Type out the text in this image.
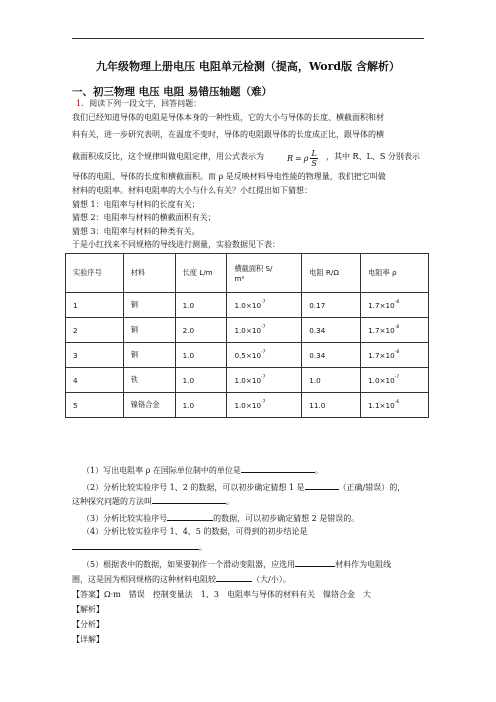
九年级物理上册电压 电阻单元检测（提高，Word版 含解析）
一、初三物理 电压 电阻 易错压轴题（难）
1．阅读下列一段文字，回答问题：
我们已经知道导体的电阻是导体本身的一种性质，它的大小与导体的长度、横截面积和材
料有关，进一步研究表明，在温度不变时，导体的电阻跟导体的长度成正比，跟导体的横
截面积成反比，这个规律叫做电阻定律，用公式表示为	R = ρ $\frac{L}{S}$ ，其中 R、L、S 分别表示
导体的电阻、导体的长度和横截面积。而 ρ 是反映材料导电性能的物理量，我们把它叫做
材料的电阻率。材料电阻率的大小与什么有关？小红提出如下猜想：
猜想 1：电阻率与材料的长度有关；
猜想 2：电阻率与材料的横截面积有关；
猜想 3：电阻率与材料的种类有关。
于是小红找来不同规格的导线进行测量，实验数据见下表：
实验序号	材料	长度 L/m	横截面积 S/
m²	电阻 R/Ω	电阻率 ρ
1	铜	1.0	$1.0\times 10^{-7}$	0.17	$1.7\times 10^{-8}$
2	铜	2.0	$1.0\times 10^{-7}$	0.34	$1.7\times 10^{-8}$
3	铜	1.0	$0.5\times 10^{-7}$	0.34	$1.7\times 10^{-8}$
4	铁	1.0	$1.0\times 10^{-7}$	1.0	$1.0\times 10^{-7}$
5	镍铬合金	1.0	$1.0\times 10^{-7}$	11.0	$1.1\times 10^{-6}$
（1）写出电阻率 ρ 在国际单位制中的单位是	。
（2）分析比较实验序号 1、2 的数据，可以初步确定猜想 1 是	（正确/错误）的，
这种探究问题的方法叫	。
（3）分析比较实验序号	的数据，可以初步确定猜想 2 是错误的。
（4）分析比较实验序号 1、4、5 的数据，可得到的初步结论是
。
（5）根据表中的数据，如果要制作一个滑动变阻器，应选用	材料作为电阻线
圈，这是因为相同规格的这种材料电阻较	（大/小）。
【答案】Ω·m　错误　控制变量法　1、3　电阻率与导体的材料有关　镍铬合金　大
【解析】
【分析】
【详解】
